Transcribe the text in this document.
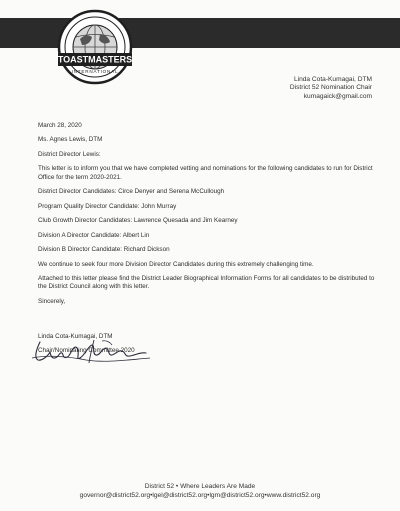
TOASTMASTERS
INTERNATIONAL
Linda Cota-Kumagai, DTM
District 52 Nomination Chair
kumagaick@gmail.com

March 28, 2020

Ms. Agnes Lewis, DTM

District Director Lewis:

This letter is to inform you that we have completed vetting and nominations for the following candidates to run for District Office for the term 2020-2021.

District Director Candidates: Circe Denyer and Serena McCullough

Program Quality Director Candidate: John Murray

Club Growth Director Candidates: Lawrence Quesada and Jim Kearney

Division A Director Candidate: Albert Lin

Division B Director Candidate: Richard Dickson

We continue to seek four more Division Director Candidates during this extremely challenging time.

Attached to this letter please find the District Leader Biographical Information Forms for all candidates to be distributed to the District Council along with this letter.

Sincerely,

Linda Cota-Kumagai, DTM

Chair/Nominating Committee 2020

District 52 • Where Leaders Are Made
governor@district52.org•lgel@district52.org•lgm@district52.org•www.district52.org
